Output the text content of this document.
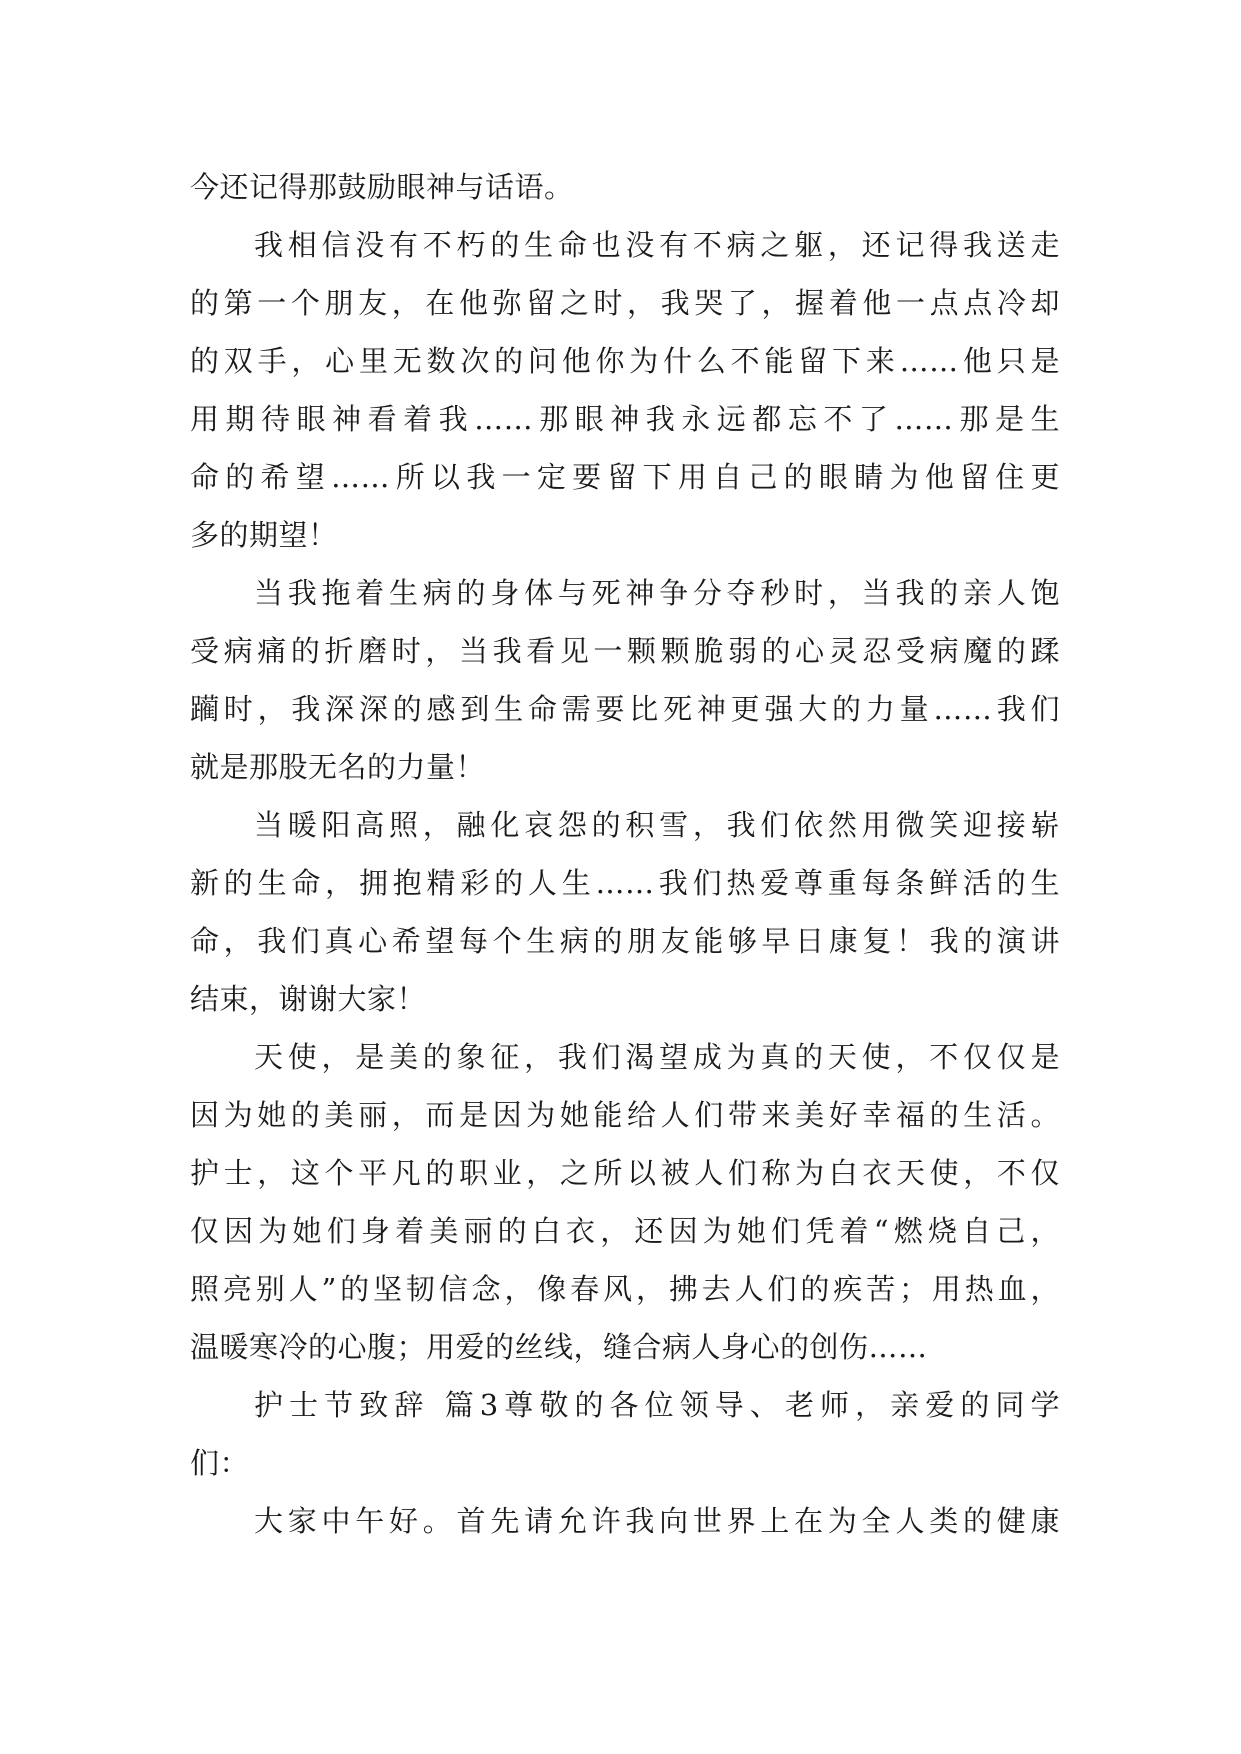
今还记得那鼓励眼神与话语。
我相信没有不朽的生命也没有不病之躯，还记得我送走
的第一个朋友，在他弥留之时，我哭了，握着他一点点冷却
的双手，心里无数次的问他你为什么不能留下来……他只是
用期待眼神看着我……那眼神我永远都忘不了……那是生
命的希望……所以我一定要留下用自己的眼睛为他留住更
多的期望！
当我拖着生病的身体与死神争分夺秒时，当我的亲人饱
受病痛的折磨时，当我看见一颗颗脆弱的心灵忍受病魔的蹂
躏时，我深深的感到生命需要比死神更强大的力量……我们
就是那股无名的力量！
当暖阳高照，融化哀怨的积雪，我们依然用微笑迎接崭
新的生命，拥抱精彩的人生……我们热爱尊重每条鲜活的生
命，我们真心希望每个生病的朋友能够早日康复！我的演讲
结束，谢谢大家！
天使，是美的象征，我们渴望成为真的天使，不仅仅是
因为她的美丽，而是因为她能给人们带来美好幸福的生活。
护士，这个平凡的职业，之所以被人们称为白衣天使，不仅
仅因为她们身着美丽的白衣，还因为她们凭着“燃烧自己，
照亮别人”的坚韧信念，像春风，拂去人们的疾苦；用热血，
温暖寒冷的心腹；用爱的丝线，缝合病人身心的创伤……
护士节致辞 篇3尊敬的各位领导、老师，亲爱的同学
们：
大家中午好。首先请允许我向世界上在为全人类的健康
